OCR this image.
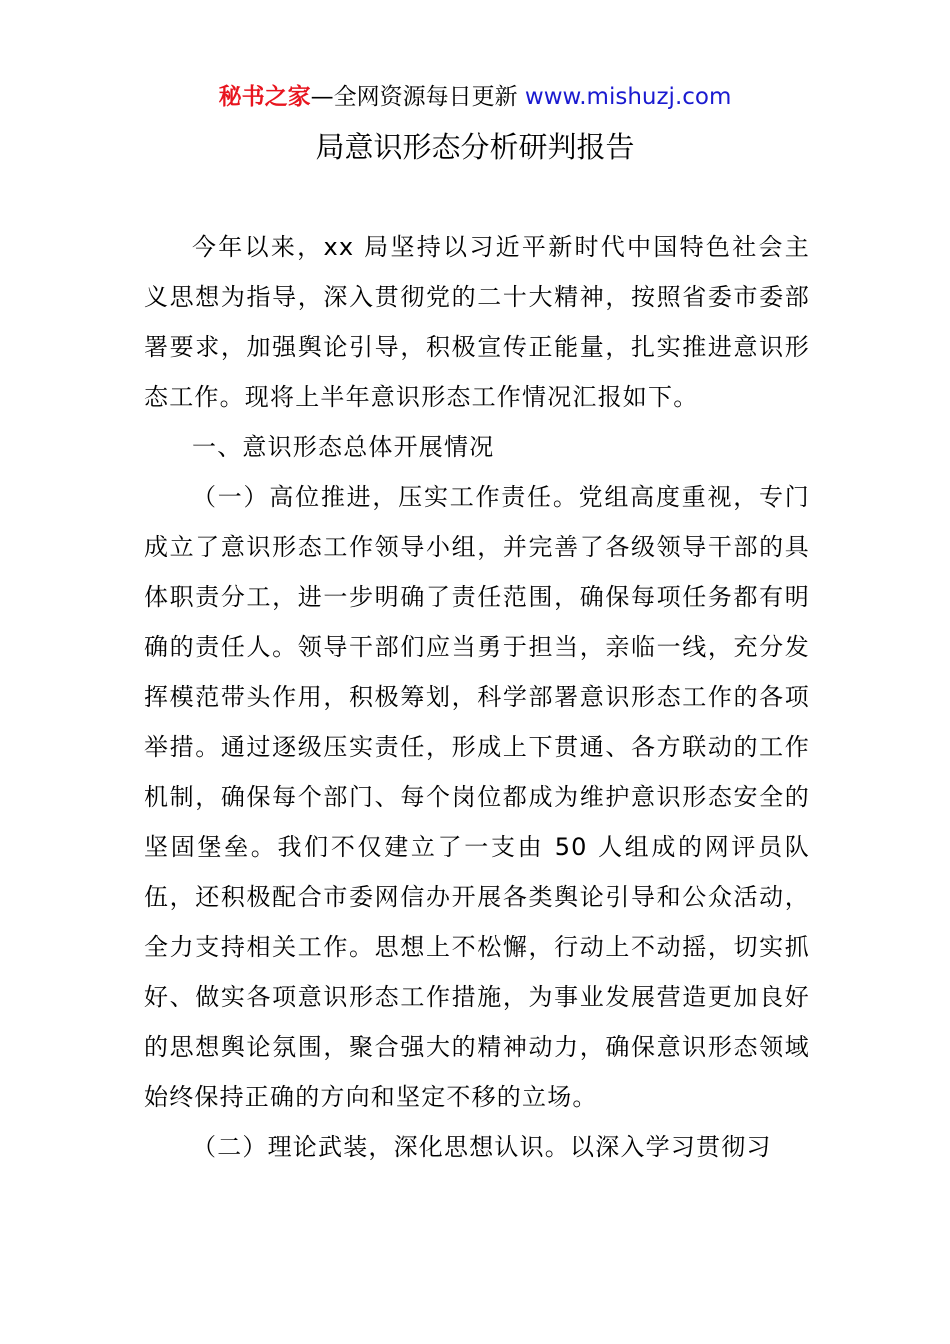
秘书之家—全网资源每日更新 www.mishuzj.com
局意识形态分析研判报告

今年以来，xx 局坚持以习近平新时代中国特色社会主义思想为指导，深入贯彻党的二十大精神，按照省委市委部署要求，加强舆论引导，积极宣传正能量，扎实推进意识形态工作。现将上半年意识形态工作情况汇报如下。

一、意识形态总体开展情况

（一）高位推进，压实工作责任。党组高度重视，专门成立了意识形态工作领导小组，并完善了各级领导干部的具体职责分工，进一步明确了责任范围，确保每项任务都有明确的责任人。领导干部们应当勇于担当，亲临一线，充分发挥模范带头作用，积极筹划，科学部署意识形态工作的各项举措。通过逐级压实责任，形成上下贯通、各方联动的工作机制，确保每个部门、每个岗位都成为维护意识形态安全的坚固堡垒。我们不仅建立了一支由 50 人组成的网评员队伍，还积极配合市委网信办开展各类舆论引导和公众活动，全力支持相关工作。思想上不松懈，行动上不动摇，切实抓好、做实各项意识形态工作措施，为事业发展营造更加良好的思想舆论氛围，聚合强大的精神动力，确保意识形态领域始终保持正确的方向和坚定不移的立场。

（二）理论武装，深化思想认识。以深入学习贯彻习
